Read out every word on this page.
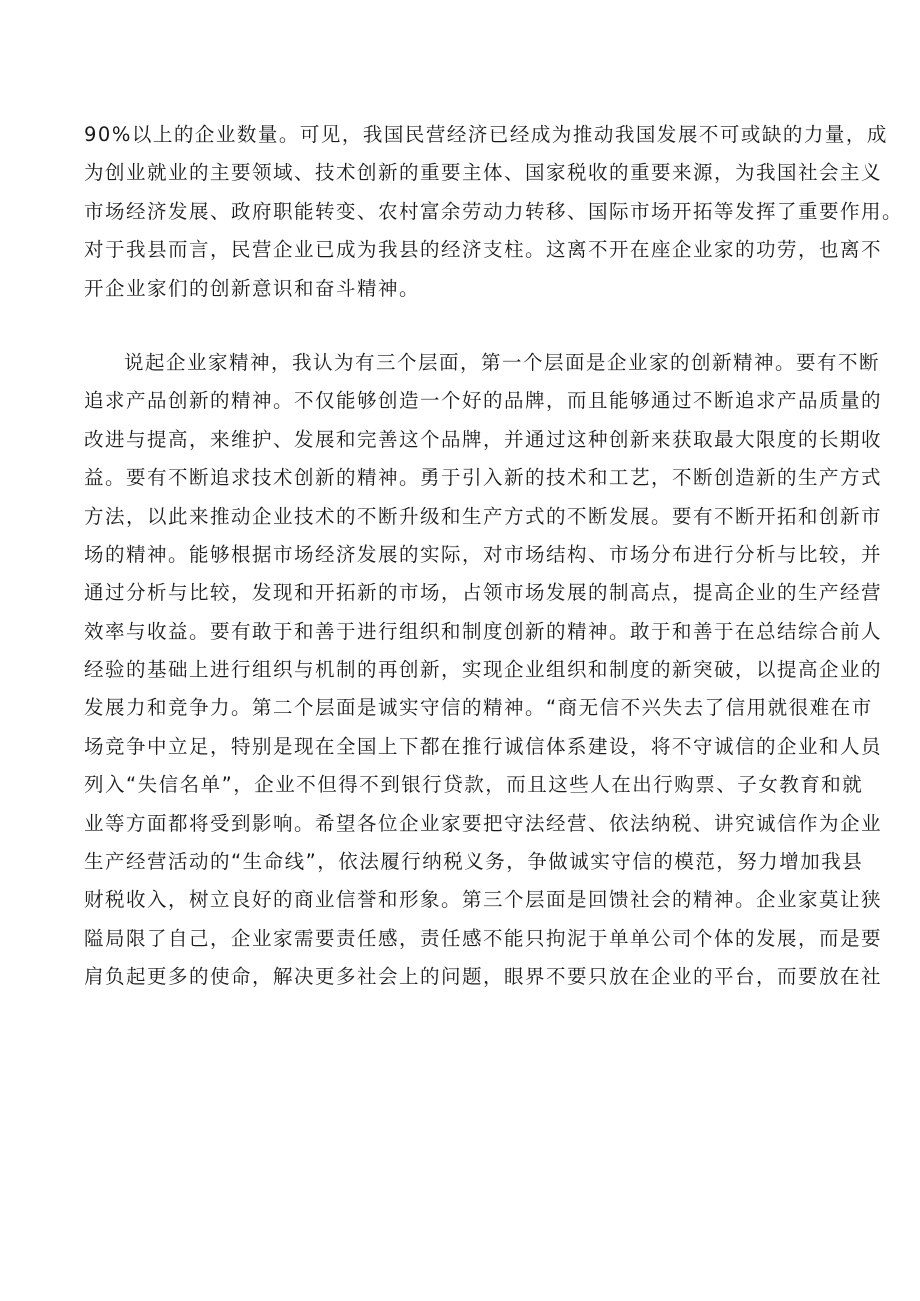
90%以上的企业数量。可见，我国民营经济已经成为推动我国发展不可或缺的力量，成
为创业就业的主要领域、技术创新的重要主体、国家税收的重要来源，为我国社会主义
市场经济发展、政府职能转变、农村富余劳动力转移、国际市场开拓等发挥了重要作用。
对于我县而言，民营企业已成为我县的经济支柱。这离不开在座企业家的功劳，也离不
开企业家们的创新意识和奋斗精神。
说起企业家精神，我认为有三个层面，第一个层面是企业家的创新精神。要有不断
追求产品创新的精神。不仅能够创造一个好的品牌，而且能够通过不断追求产品质量的
改进与提高，来维护、发展和完善这个品牌，并通过这种创新来获取最大限度的长期收
益。要有不断追求技术创新的精神。勇于引入新的技术和工艺，不断创造新的生产方式
方法，以此来推动企业技术的不断升级和生产方式的不断发展。要有不断开拓和创新市
场的精神。能够根据市场经济发展的实际，对市场结构、市场分布进行分析与比较，并
通过分析与比较，发现和开拓新的市场，占领市场发展的制高点，提高企业的生产经营
效率与收益。要有敢于和善于进行组织和制度创新的精神。敢于和善于在总结综合前人
经验的基础上进行组织与机制的再创新，实现企业组织和制度的新突破，以提高企业的
发展力和竞争力。第二个层面是诚实守信的精神。“商无信不兴失去了信用就很难在市
场竞争中立足，特别是现在全国上下都在推行诚信体系建设，将不守诚信的企业和人员
列入“失信名单”，企业不但得不到银行贷款，而且这些人在出行购票、子女教育和就
业等方面都将受到影响。希望各位企业家要把守法经营、依法纳税、讲究诚信作为企业
生产经营活动的“生命线”，依法履行纳税义务，争做诚实守信的模范，努力增加我县
财税收入，树立良好的商业信誉和形象。第三个层面是回馈社会的精神。企业家莫让狭
隘局限了自己，企业家需要责任感，责任感不能只拘泥于单单公司个体的发展，而是要
肩负起更多的使命，解决更多社会上的问题，眼界不要只放在企业的平台，而要放在社
